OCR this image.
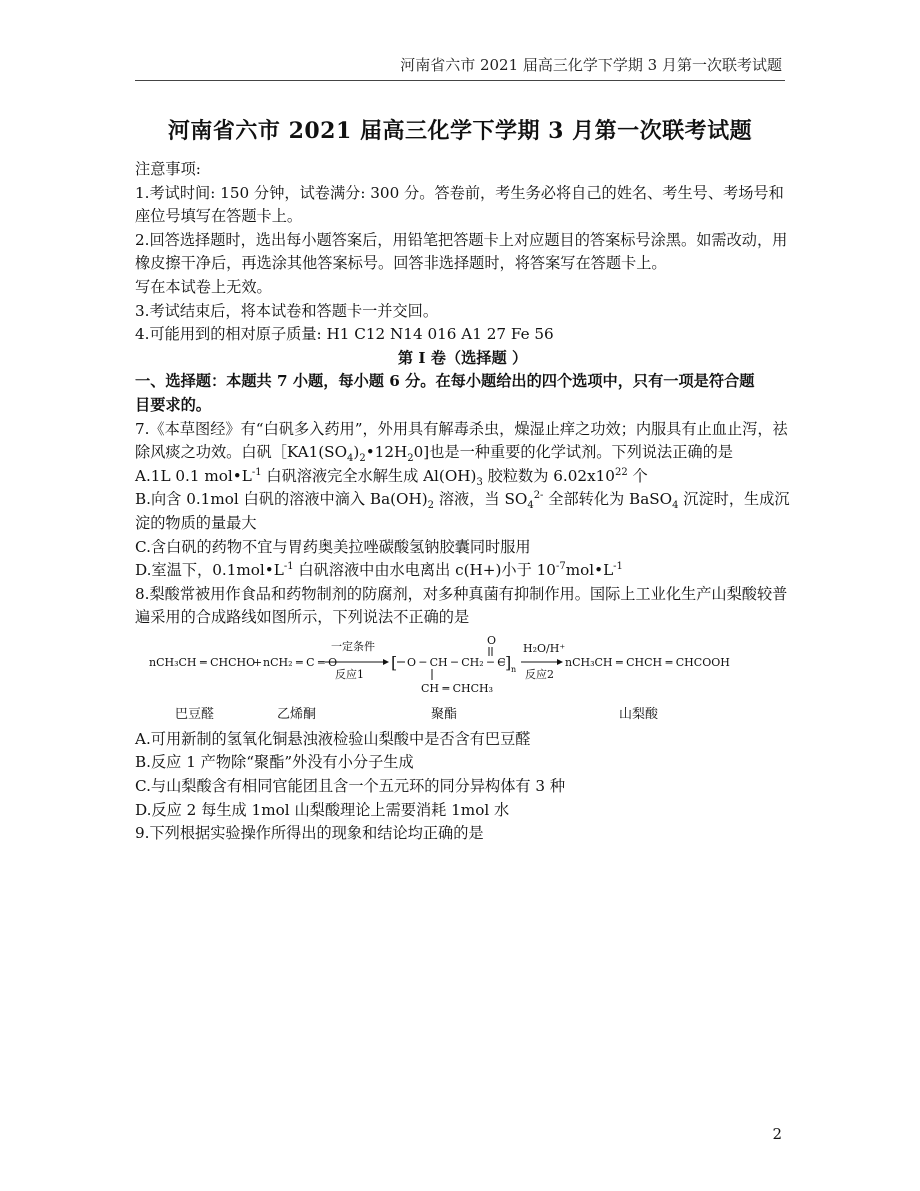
河南省六市 2021 届高三化学下学期 3 月第一次联考试题
河南省六市 2021 届高三化学下学期 3 月第一次联考试题

注意事项:

1.考试时间: 150 分钟，试卷满分: 300 分。答卷前，考生务必将自己的姓名、考生号、考场号和座位号填写在答题卡上。

2.回答选择题时，选出每小题答案后，用铅笔把答题卡上对应题目的答案标号涂黑。如需改动，用橡皮擦干净后，再选涂其他答案标号。回答非选择题时，将答案写在答题卡上。

写在本试卷上无效。

3.考试结束后，将本试卷和答题卡一并交回。

4.可能用到的相对原子质量: H1 C12 N14 016 A1 27 Fe 56

第 I 卷（选择题 ）

一、选择题：本题共 7 小题，每小题 6 分。在每小题给出的四个选项中，只有一项是符合题
目要求的。

7.《本草图经》有“白矾多入药用”，外用具有解毒杀虫，燥湿止痒之功效；内服具有止血止泻，祛除风痰之功效。白矾$[KA1(SO_4)_2•12H_20$]也是一种重要的化学试剂。下列说法正确的是

A.1L 0.1 $mol•L^{-1}$ 白矾溶液完全水解生成 $Al(OH)_3$ 胶粒数为 $6.02x10^{22}$ 个

B.向含 0.1mol 白矾的溶液中滴入 $Ba(OH)_2$ 溶液，当 $SO_4^{2-}$ 全部转化为 BaSO$_4$ 沉淀时，生成沉淀的物质的量最大

C.含白矾的药物不宜与胃药奥美拉唑碳酸氢钠胶囊同时服用

D.室温下，$0.1mol•L^{-1}$ 白矾溶液中由水电离出 c(H+)小于 $10^{-7}mol•L^{-1}$

8.梨酸常被用作食品和药物制剂的防腐剂，对多种真菌有抑制作用。国际上工业化生产山梨酸较普遍采用的合成路线如图所示，下列说法不正确的是

nCH₃CH ═ CHCHO
+ nCH₂ ═ C ═ O
一定条件
反应1
[ O ─ CH ─ CH₂ ─ C
O
CH ═ CHCH₃
] n
H₂O/H⁺
反应2
nCH₃CH ═ CHCH ═ CHCOOH
巴豆醛	乙烯酮	聚酯	山梨酸

A.可用新制的氢氧化铜悬浊液检验山梨酸中是否含有巴豆醛

B.反应 1 产物除“聚酯”外没有小分子生成

C.与山梨酸含有相同官能团且含一个五元环的同分异构体有 3 种

D.反应 2 每生成 1mol 山梨酸理论上需要消耗 1mol 水

9.下列根据实验操作所得出的现象和结论均正确的是

2
